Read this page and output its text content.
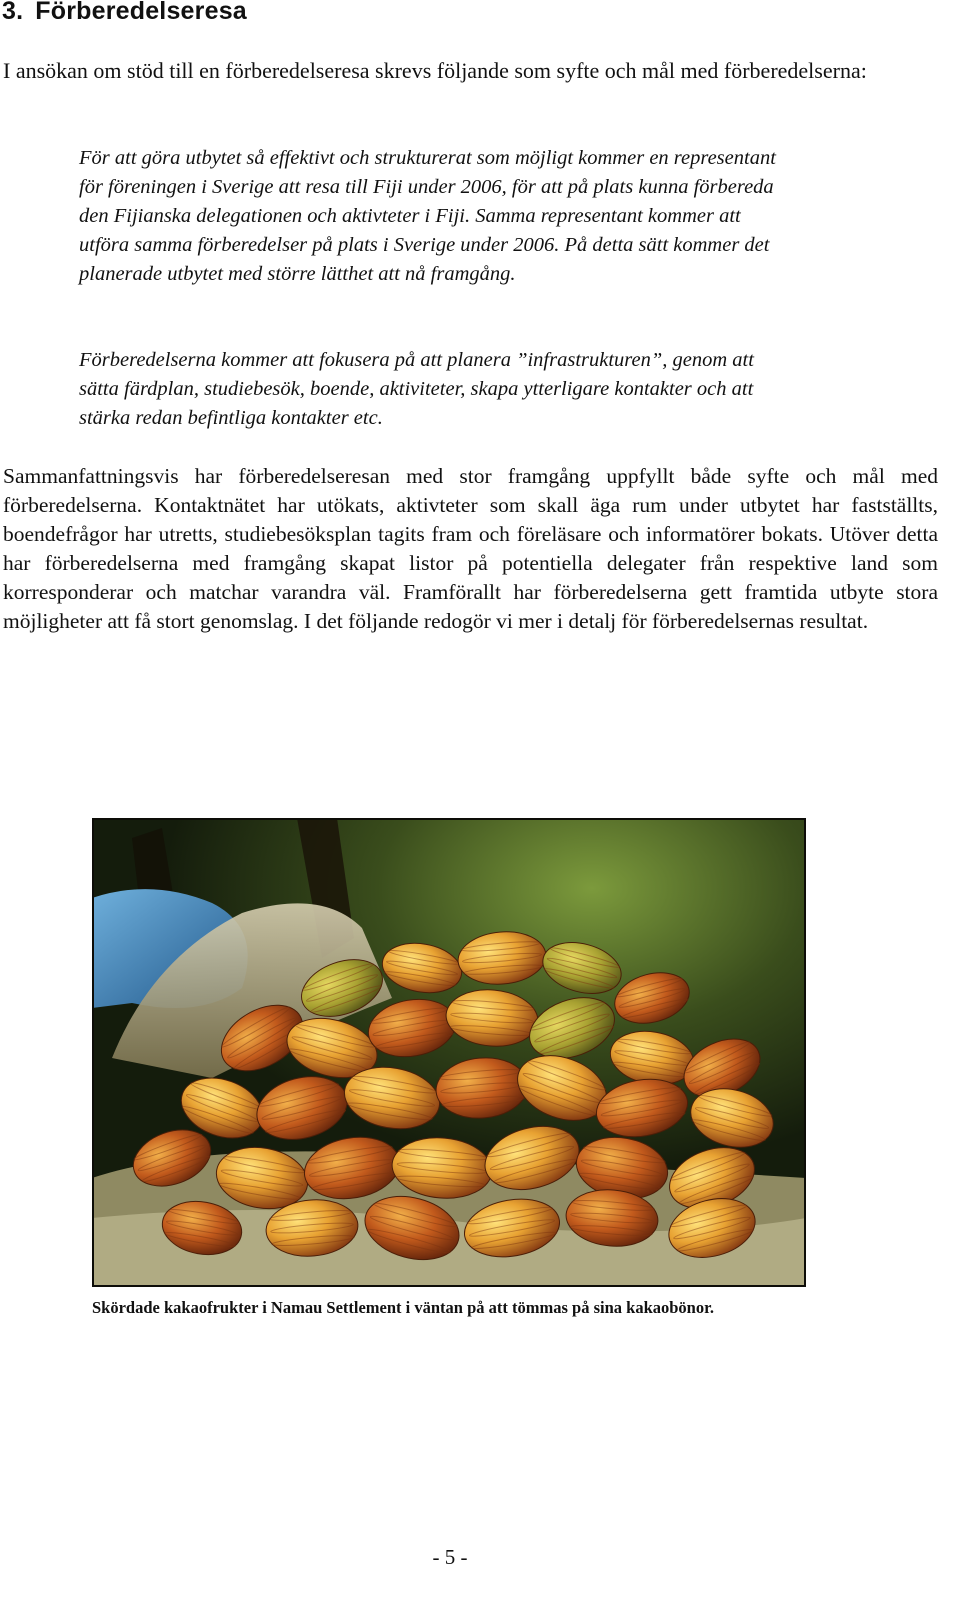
3. Förberedelseresa

I ansökan om stöd till en förberedelseresa skrevs följande som syfte och mål med förberedelserna:

För att göra utbytet så effektivt och strukturerat som möjligt kommer en representant för föreningen i Sverige att resa till Fiji under 2006, för att på plats kunna förbereda den Fijianska delegationen och aktivteter i Fiji. Samma representant kommer att utföra samma förberedelser på plats i Sverige under 2006. På detta sätt kommer det planerade utbytet med större lätthet att nå framgång.

Förberedelserna kommer att fokusera på att planera ”infrastrukturen”, genom att sätta färdplan, studiebesök, boende, aktiviteter, skapa ytterligare kontakter och att stärka redan befintliga kontakter etc.

Sammanfattningsvis har förberedelseresan med stor framgång uppfyllt både syfte och mål med förberedelserna. Kontaktnätet har utökats, aktivteter som skall äga rum under utbytet har fastställts, boendefrågor har utretts, studiebesöksplan tagits fram och föreläsare och informatörer bokats. Utöver detta har förberedelserna med framgång skapat listor på potentiella delegater från respektive land som korresponderar och matchar varandra väl. Framförallt har förberedelserna gett framtida utbyte stora möjligheter att få stort genomslag. I det följande redogör vi mer i detalj för förberedelsernas resultat.

Skördade kakaofrukter i Namau Settlement i väntan på att tömmas på sina kakaobönor.

- 5 -
